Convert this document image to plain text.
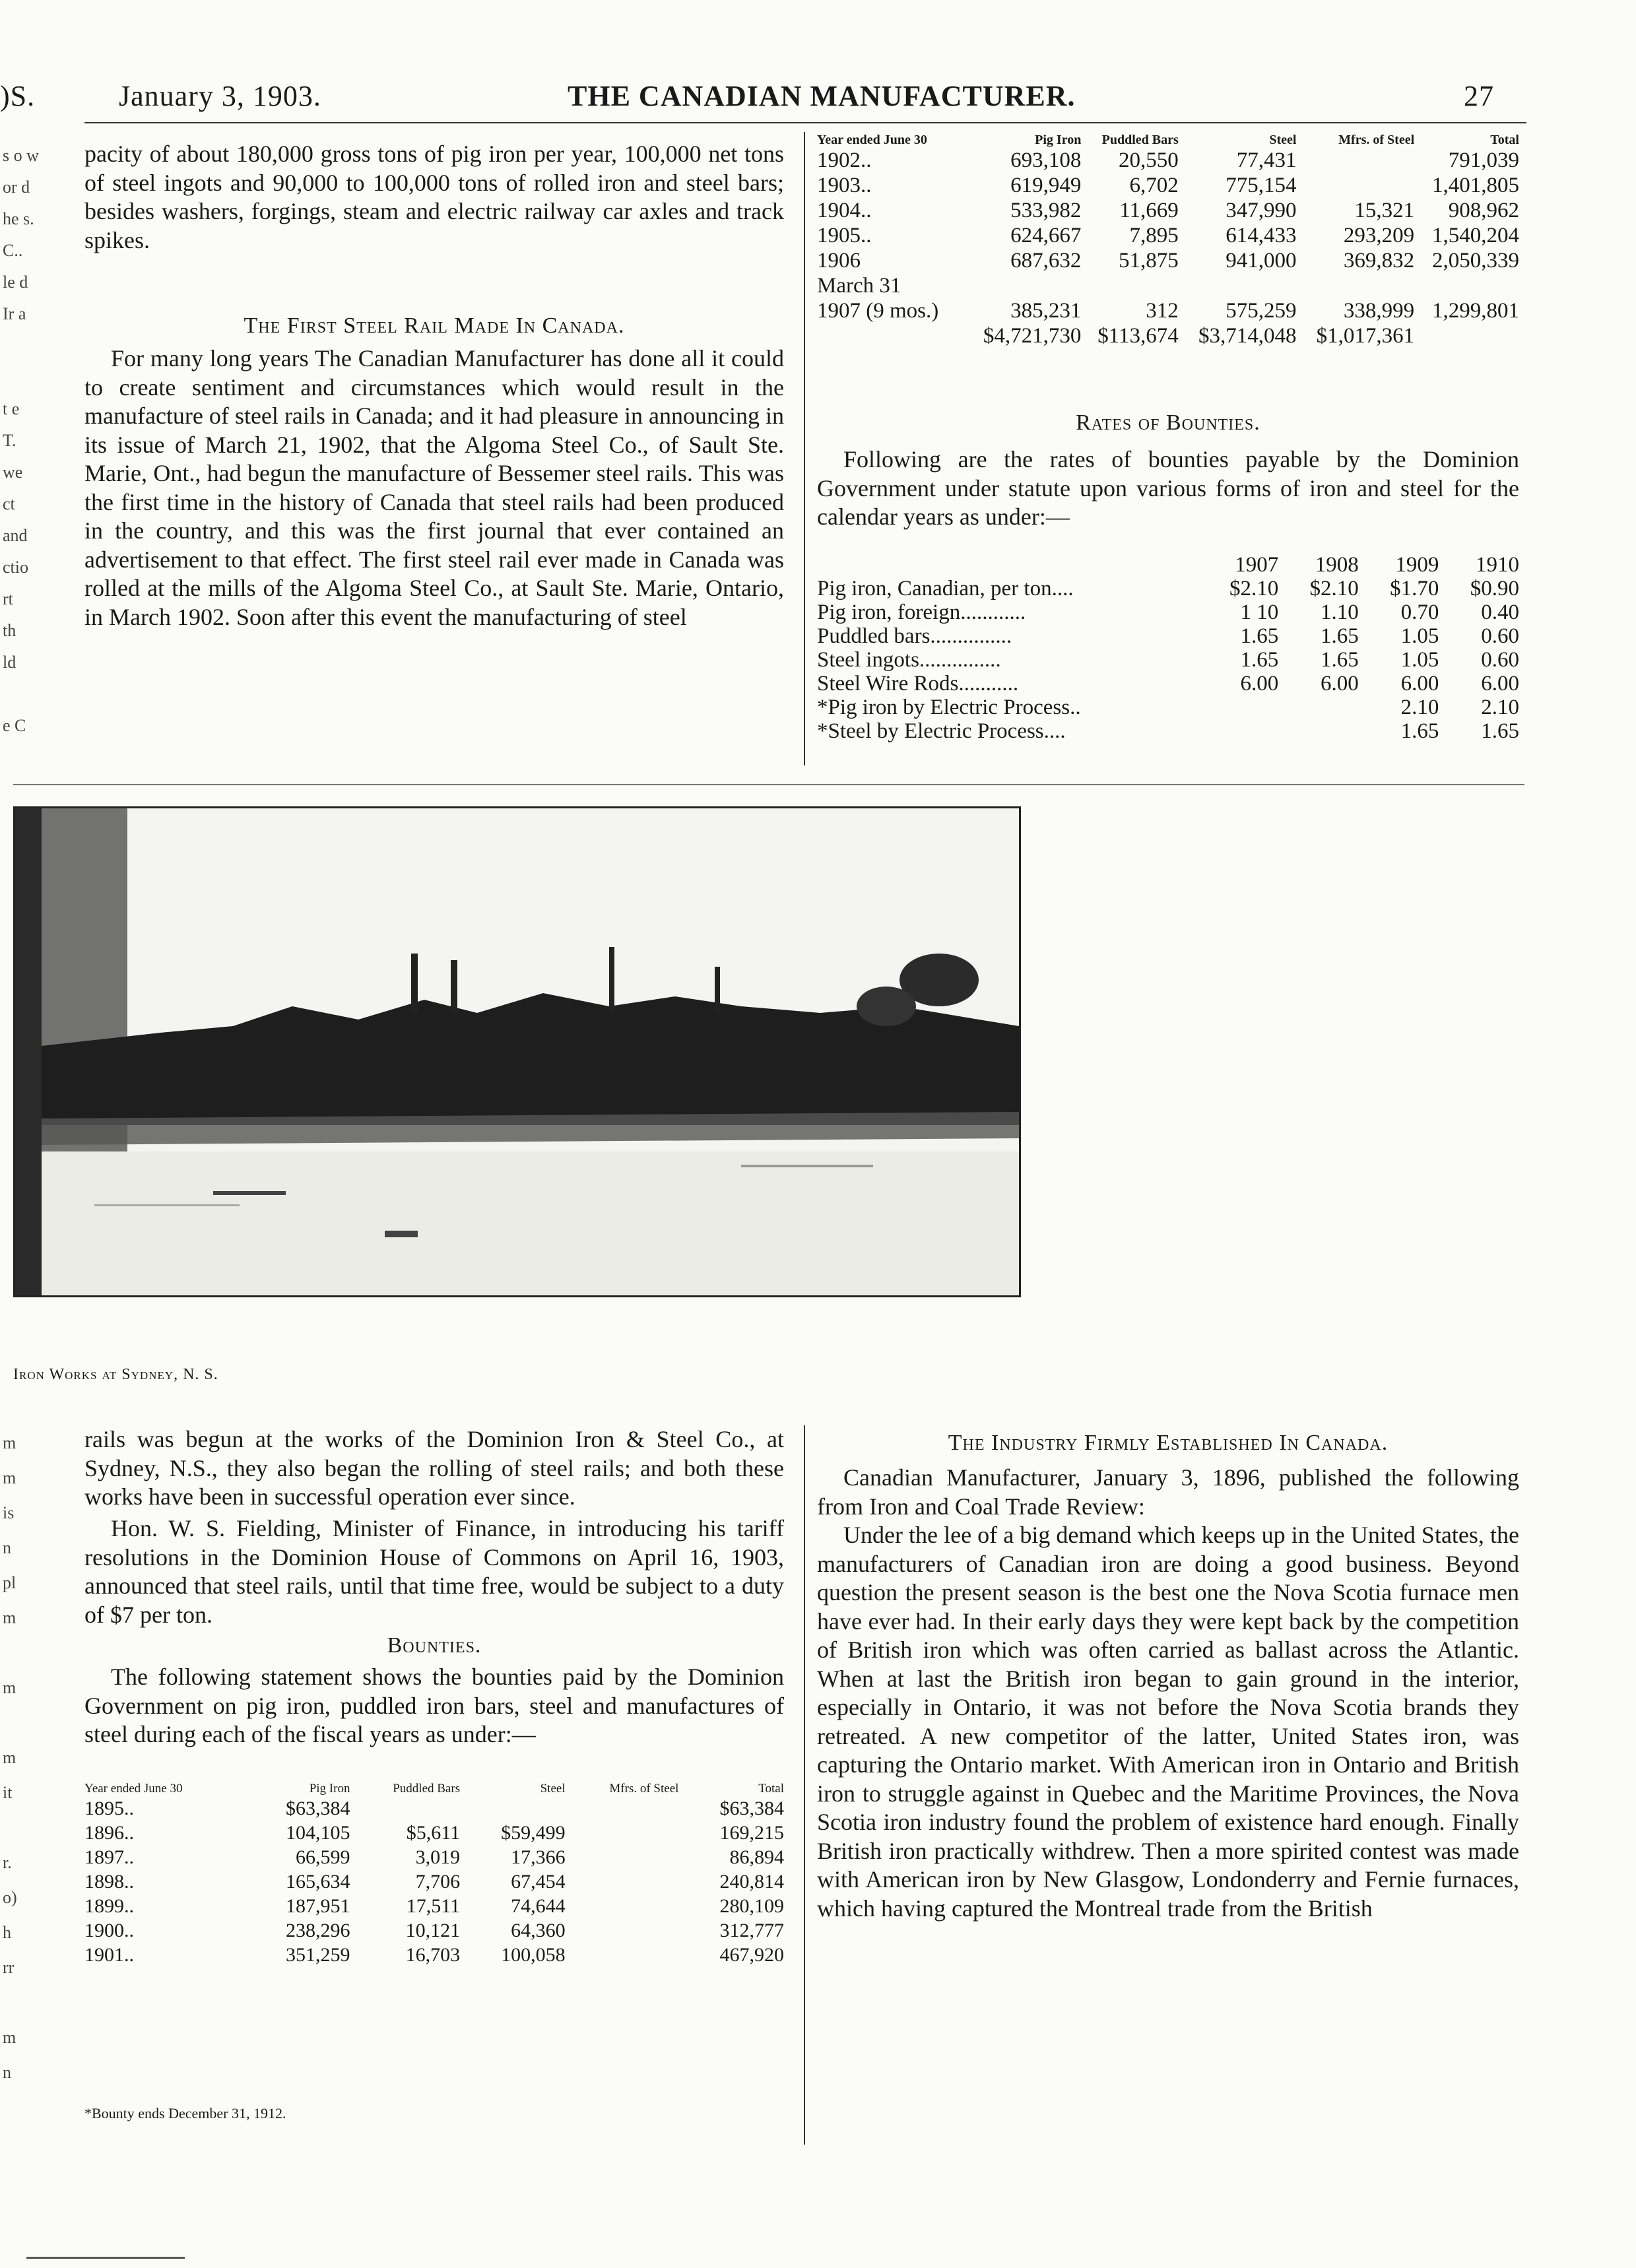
)S.	January 3, 1903.	THE CANADIAN MANUFACTURER.	27
s o w
or d
he s.
C..
le d
Ir a

t e
T.
we
ct
and
ctio
rt
th
ld

e C
m
m
is
n
pl
m

m

m
it

r.
o)
h
rr

m
n

pacity of about 180,000 gross tons of pig iron per year, 100,000 net tons of steel ingots and 90,000 to 100,000 tons of rolled iron and steel bars; besides washers, forgings, steam and electric railway car axles and track spikes.

The First Steel Rail Made In Canada.

For many long years The Canadian Manufacturer has done all it could to create sentiment and circumstances which would result in the manufacture of steel rails in Canada; and it had pleasure in announcing in its issue of March 21, 1902, that the Algoma Steel Co., of Sault Ste. Marie, Ont., had begun the manufacture of Bessemer steel rails. This was the first time in the history of Canada that steel rails had been produced in the country, and this was the first journal that ever contained an advertisement to that effect. The first steel rail ever made in Canada was rolled at the mills of the Algoma Steel Co., at Sault Ste. Marie, Ontario, in March 1902. Soon after this event the manufacturing of steel

Year ended June 30	Pig Iron	Puddled Bars	Steel	Mfrs. of Steel	Total
1902..	693,108	20,550	77,431		791,039
1903..	619,949	6,702	775,154		1,401,805
1904..	533,982	11,669	347,990	15,321	908,962
1905..	624,667	7,895	614,433	293,209	1,540,204
1906	687,632	51,875	941,000	369,832	2,050,339
March 31					
1907 (9 mos.)	385,231	312	575,259	338,999	1,299,801
	$4,721,730	$113,674	$3,714,048	$1,017,361	

Rates of Bounties.

Following are the rates of bounties payable by the Dominion Government under statute upon various forms of iron and steel for the calendar years as under:—

	1907	1908	1909	1910
Pig iron, Canadian, per ton....	$2.10	$2.10	$1.70	$0.90
Pig iron, foreign............	1 10	1.10	0.70	0.40
Puddled bars...............	1.65	1.65	1.05	0.60
Steel ingots...............	1.65	1.65	1.05	0.60
Steel Wire Rods...........	6.00	6.00	6.00	6.00
*Pig iron by Electric Process..			2.10	2.10
*Steel by Electric Process....			1.65	1.65
Iron Works at Sydney, N. S.

rails was begun at the works of the Dominion Iron & Steel Co., at Sydney, N.S., they also began the rolling of steel rails; and both these works have been in successful operation ever since.

Hon. W. S. Fielding, Minister of Finance, in introducing his tariff resolutions in the Dominion House of Commons on April 16, 1903, announced that steel rails, until that time free, would be subject to a duty of $7 per ton.

Bounties.

The following statement shows the bounties paid by the Dominion Government on pig iron, puddled iron bars, steel and manufactures of steel during each of the fiscal years as under:—

Year ended June 30	Pig Iron	Puddled Bars	Steel	Mfrs. of Steel	Total
1895..	$63,384				$63,384
1896..	104,105	$5,611	$59,499		169,215
1897..	66,599	3,019	17,366		86,894
1898..	165,634	7,706	67,454		240,814
1899..	187,951	17,511	74,644		280,109
1900..	238,296	10,121	64,360		312,777
1901..	351,259	16,703	100,058		467,920
*Bounty ends December 31, 1912.

The Industry Firmly Established In Canada.

Canadian Manufacturer, January 3, 1896, published the following from Iron and Coal Trade Review:

Under the lee of a big demand which keeps up in the United States, the manufacturers of Canadian iron are doing a good business. Beyond question the present season is the best one the Nova Scotia furnace men have ever had. In their early days they were kept back by the competition of British iron which was often carried as ballast across the Atlantic. When at last the British iron began to gain ground in the interior, especially in Ontario, it was not before the Nova Scotia brands they retreated. A new competitor of the latter, United States iron, was capturing the Ontario market. With American iron in Ontario and British iron to struggle against in Quebec and the Maritime Provinces, the Nova Scotia iron industry found the problem of existence hard enough. Finally British iron practically withdrew. Then a more spirited contest was made with American iron by New Glasgow, Londonderry and Fernie furnaces, which having captured the Montreal trade from the British
